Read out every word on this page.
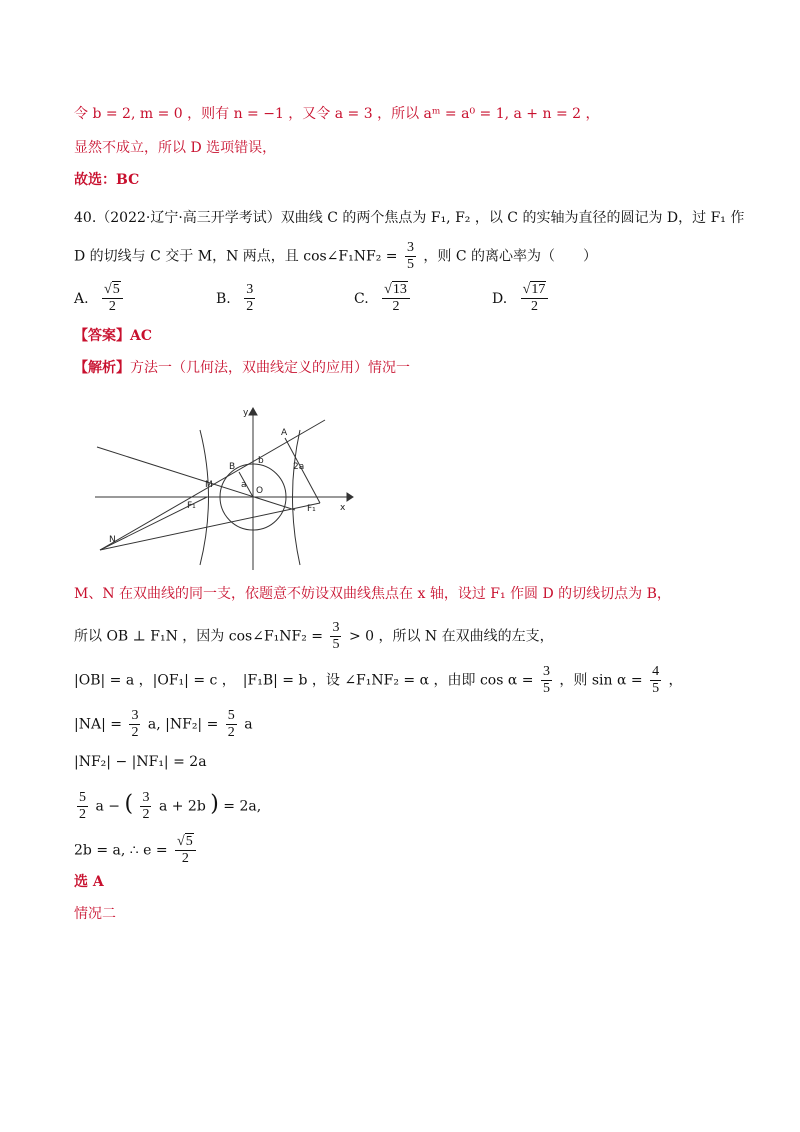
令 b = 2, m = 0 ，则有 n = −1 ，又令 a = 3 ，所以 aᵐ = a⁰ = 1, a + n = 2 ，
显然不成立，所以 D 选项错误，
故选：BC
40.（2022·辽宁·高三开学考试）双曲线 C 的两个焦点为 F₁, F₂ ，以 C 的实轴为直径的圆记为 D，过 F₁ 作
D 的切线与 C 交于 M，N 两点，且 cos∠F₁NF₂ = $\frac{3}{5}$ ，则 C 的离心率为（　　）
A. $\frac{√5}{2}$	B. $\frac{3}{2}$	C. $\frac{√13}{2}$	D. $\frac{√17}{2}$
【答案】AC
【解析】方法一（几何法，双曲线定义的应用）情况一
y
x
A
B
O
M
N
F₁	F₁
b
a
2a
M、N 在双曲线的同一支，依题意不妨设双曲线焦点在 x 轴，设过 F₁ 作圆 D 的切线切点为 B，
所以 OB ⊥ F₁N ，因为 cos∠F₁NF₂ = $\frac{3}{5} > 0$ ，所以 N 在双曲线的左支，
|OB| = a ，|OF₁| = c ，　|F₁B| = b ，设 ∠F₁NF₂ = α ，由即 $\cos \alpha = \frac{3}{5}$ ，则 $\sin \alpha = \frac{4}{5}$ ，
$|NA| = \frac{3}{2} a$, $|NF_2| = \frac{5}{2}$ a
|NF₂| − |NF₁| = 2a
$\frac{5}{2}$ a − ( $\frac{3}{2}$ a + 2b ) = 2a,
2b = a, ∴ $e = \frac{√5}{2}$
选 A
情况二
